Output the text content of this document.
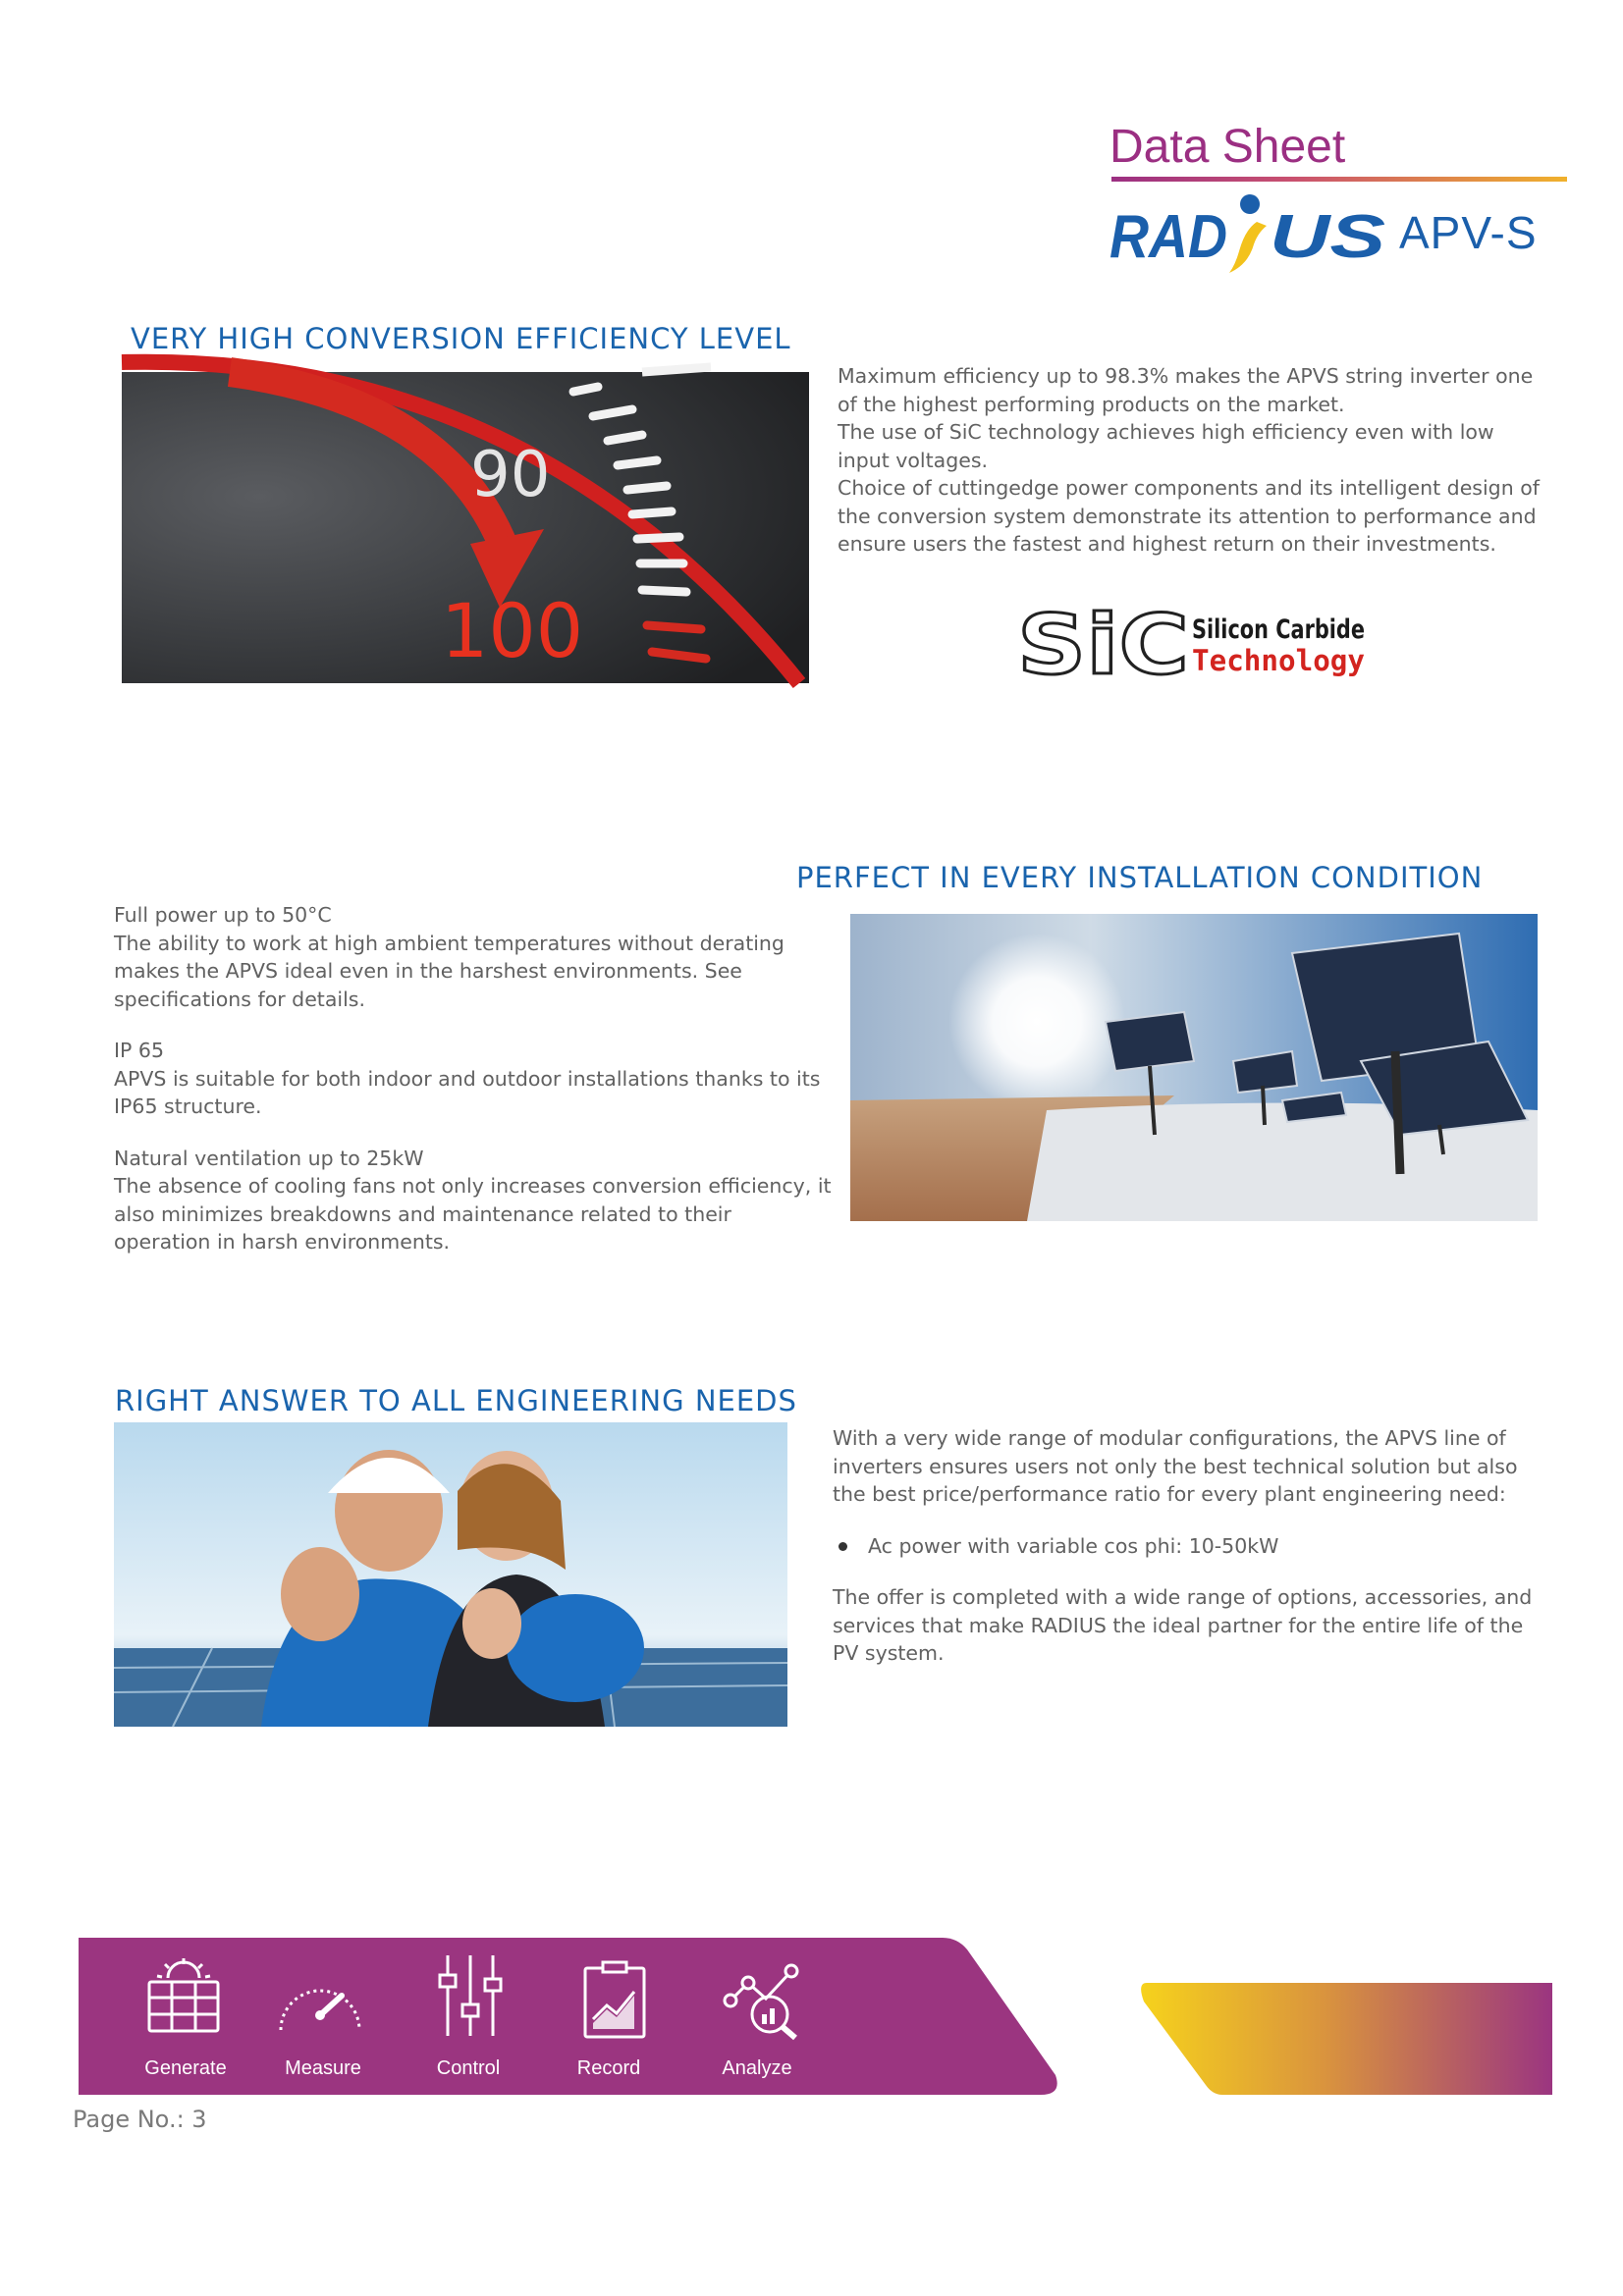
Data Sheet
RAD US APV-S
VERY HIGH CONVERSION EFFICIENCY LEVEL
90
100

Maximum efficiency up to 98.3% makes the APVS string inverter one of the highest performing products on the market.

The use of SiC technology achieves high efficiency even with low input voltages.

Choice of cuttingedge power components and its intelligent design of the conversion system demonstrate its attention to performance and ensure users the fastest and highest return on their investments.

SiC Silicon Carbide
Technology
PERFECT IN EVERY INSTALLATION CONDITION

Full power up to 50°C

The ability to work at high ambient temperatures without derating makes the APVS ideal even in the harshest environments. See specifications for details.

IP 65

APVS is suitable for both indoor and outdoor installations thanks to its IP65 structure.

Natural ventilation up to 25kW

The absence of cooling fans not only increases conversion efficiency, it also minimizes breakdowns and maintenance related to their operation in harsh environments.

RIGHT ANSWER TO ALL ENGINEERING NEEDS

With a very wide range of modular configurations, the APVS line of inverters ensures users not only the best technical solution but also the best price/performance ratio for every plant engineering need:

Ac power with variable cos phi: 10-50kW

The offer is completed with a wide range of options, accessories, and services that make RADIUS the ideal partner for the entire life of the PV system.

Generate	Measure	Control	Record	Analyze
Page No.: 3
